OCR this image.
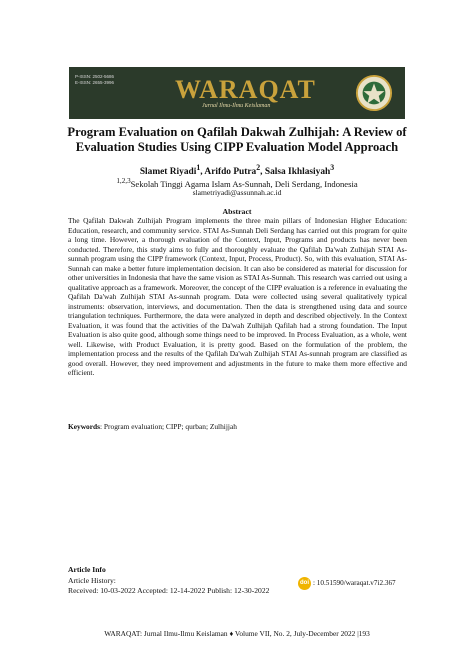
P-ISSN: 2502-5686
E-ISSN: 2655-3996 WARAQAT
Jurnal Ilmu-Ilmu Keislaman
Program Evaluation on Qafilah Dakwah Zulhijah: A Review of Evaluation Studies Using CIPP Evaluation Model Approach
Slamet Riyadi$^1$, Arifdo Putra$^2$, Salsa Ikhlasiyah$^3$
$^{1,2,3}$Sekolah Tinggi Agama Islam As-Sunnah, Deli Serdang, Indonesia
slametriyadi@assunnah.ac.id
Abstract
The Qafilah Dakwah Zulhijah Program implements the three main pillars of Indonesian Higher Education: Education, research, and community service. STAI As-Sunnah Deli Serdang has carried out this program for quite a long time. However, a thorough evaluation of the Context, Input, Programs and products has never been conducted. Therefore, this study aims to fully and thoroughly evaluate the Qafilah Da'wah Zulhijah STAI As-sunnah program using the CIPP framework (Context, Input, Process, Product). So, with this evaluation, STAI As-Sunnah can make a better future implementation decision. It can also be considered as material for discussion for other universities in Indonesia that have the same vision as STAI As-Sunnah. This research was carried out using a qualitative approach as a framework. Moreover, the concept of the CIPP evaluation is a reference in evaluating the Qafilah Da'wah Zulhijah STAI As-sunnah program. Data were collected using several qualitatively typical instruments: observation, interviews, and documentation. Then the data is strengthened using data and source triangulation techniques. Furthermore, the data were analyzed in depth and described objectively. In the Context Evaluation, it was found that the activities of the Da'wah Zulhijah Qafilah had a strong foundation. The Input Evaluation is also quite good, although some things need to be improved. In Process Evaluation, as a whole, went well. Likewise, with Product Evaluation, it is pretty good. Based on the formulation of the problem, the implementation process and the results of the Qafilah Da'wah Zulhijah STAI As-sunnah program are classified as good overall. However, they need improvement and adjustments in the future to make them more effective and efficient.
Keywords: Program evaluation; CIPP; qurban; Zulhijjah
Article Info
Article History:
Received: 10-03-2022 Accepted: 12-14-2022 Publish: 12-30-2022
doi : 10.51590/waraqat.v7i2.367
WARAQAT: Jurnal Ilmu-Ilmu Keislaman ♦ Volume VII, No. 2, July-December 2022 |193
